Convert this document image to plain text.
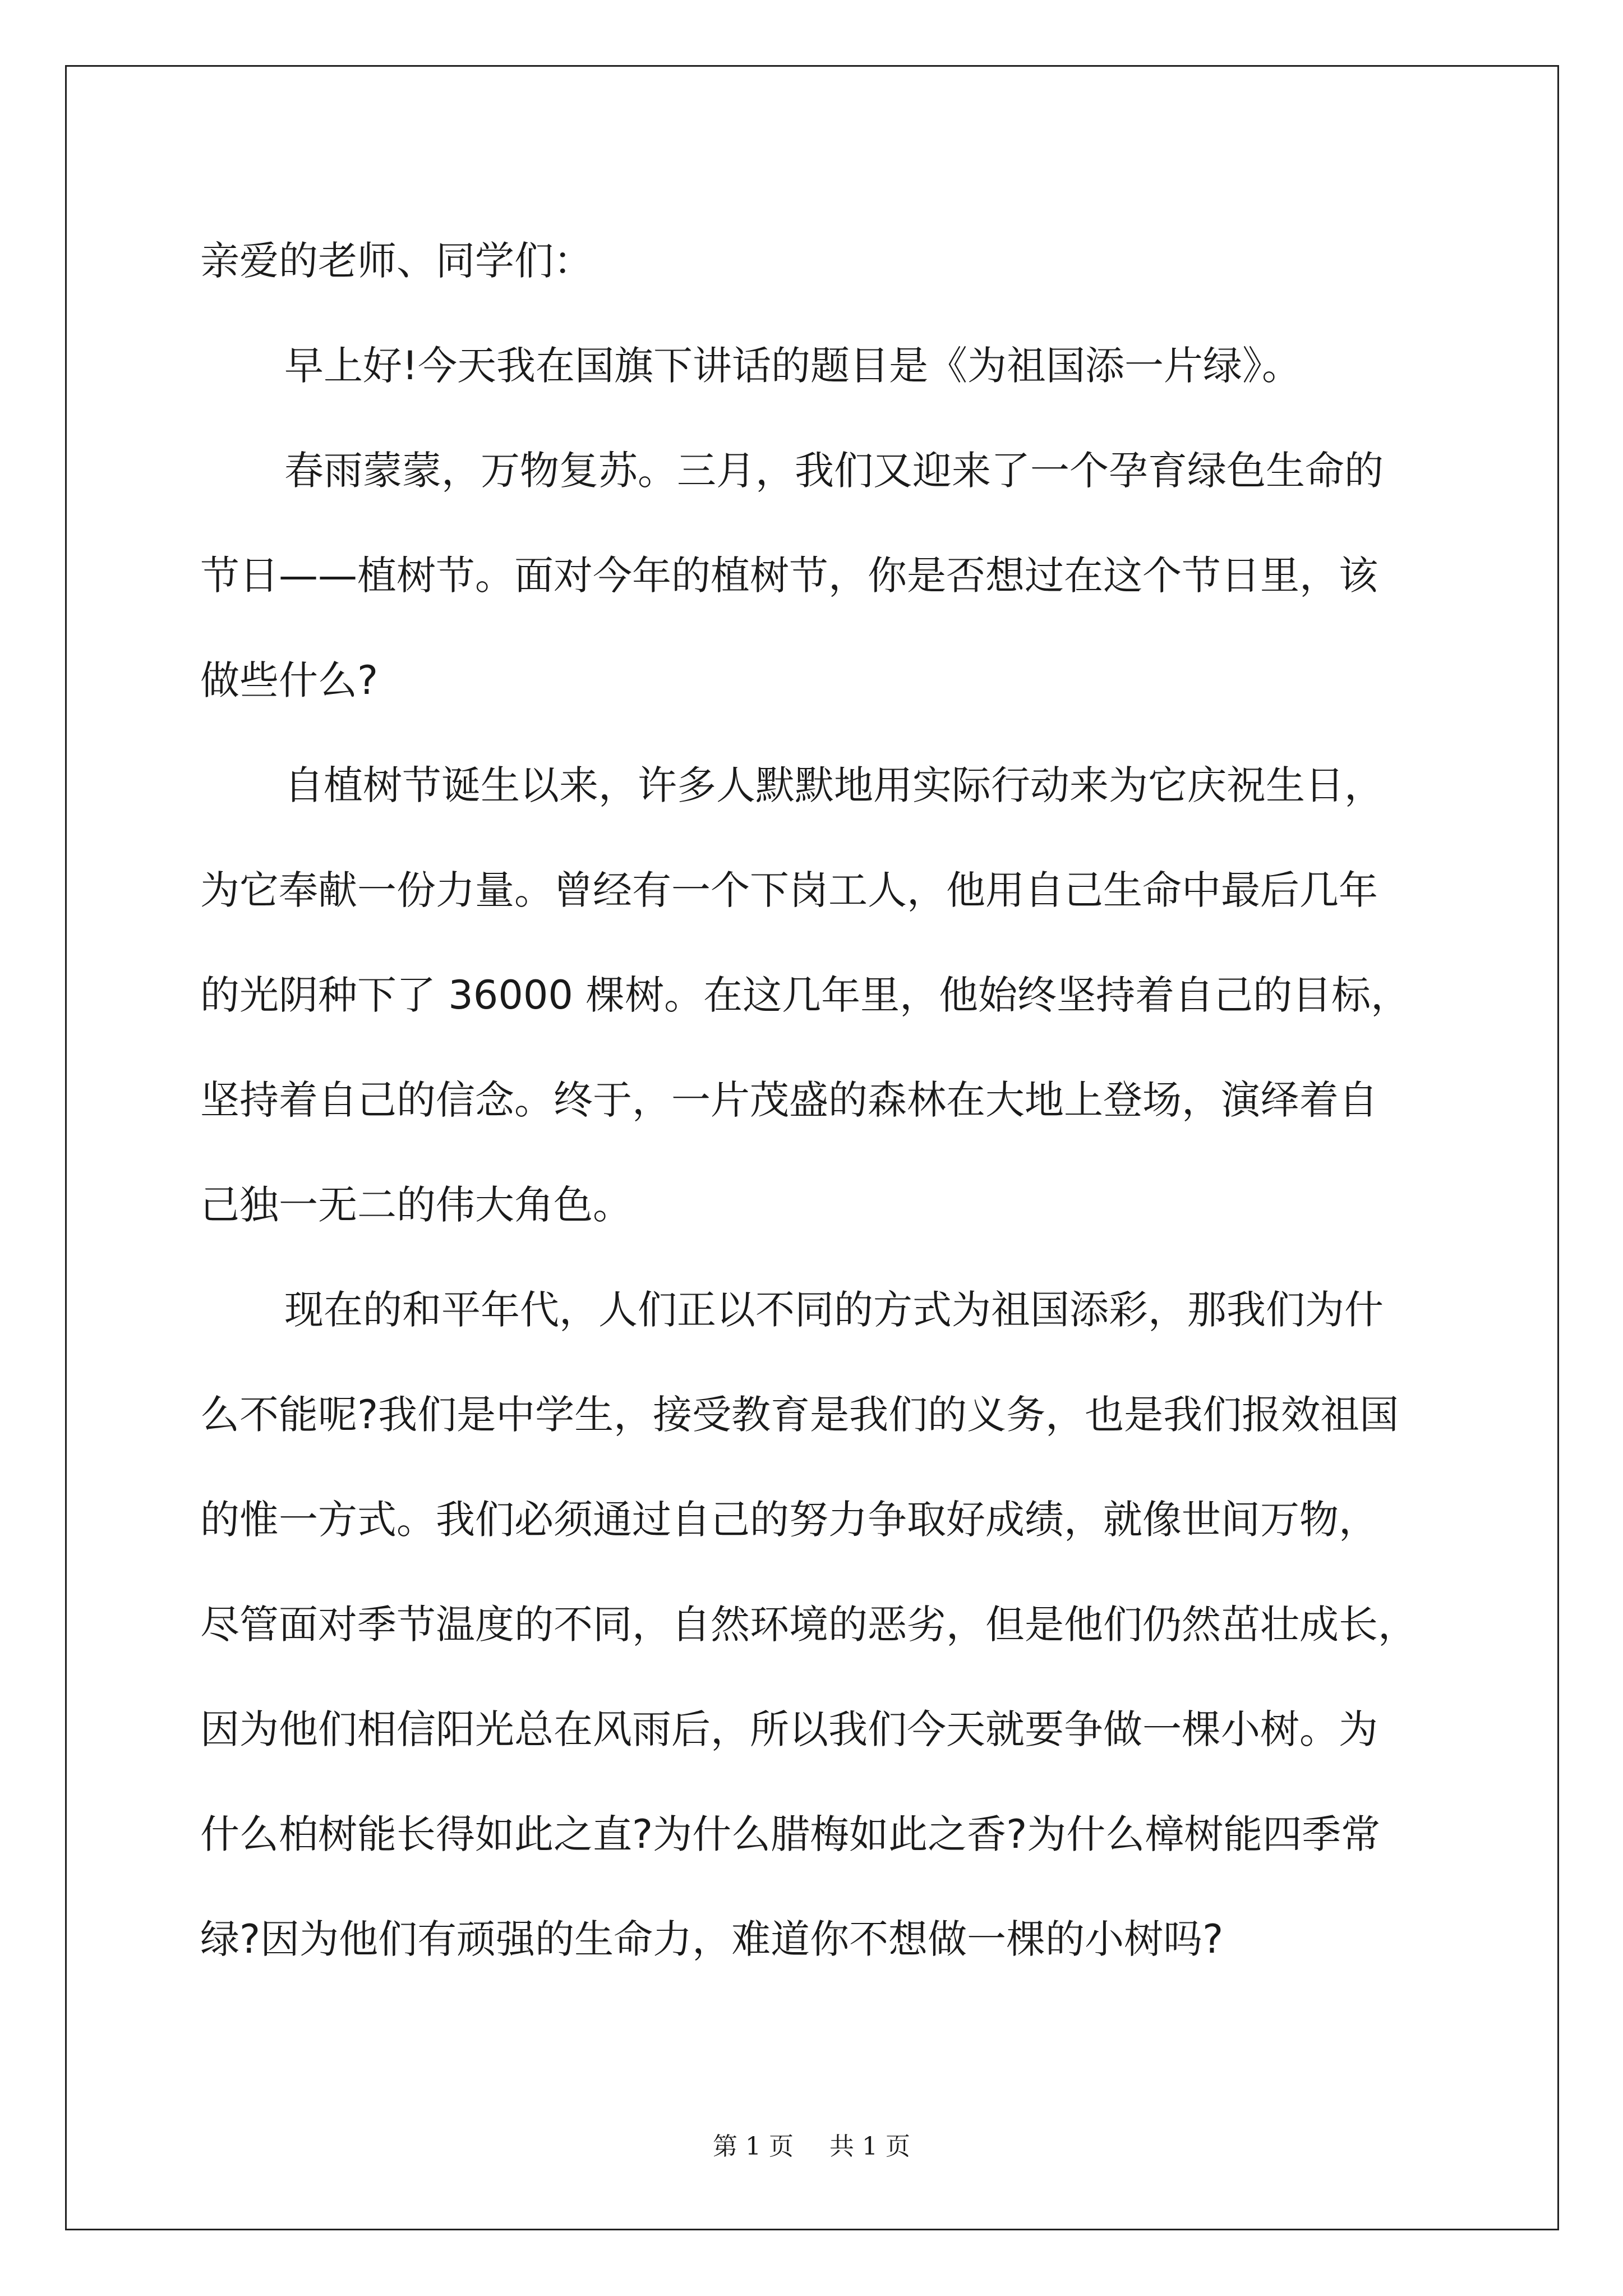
亲爱的老师、同学们：
早上好!今天我在国旗下讲话的题目是《为祖国添一片绿》。
春雨蒙蒙，万物复苏。三月，我们又迎来了一个孕育绿色生命的
节日——植树节。面对今年的植树节，你是否想过在这个节日里，该
做些什么?
自植树节诞生以来，许多人默默地用实际行动来为它庆祝生日，
为它奉献一份力量。曾经有一个下岗工人，他用自己生命中最后几年
的光阴种下了 36000 棵树。在这几年里，他始终坚持着自己的目标，
坚持着自己的信念。终于，一片茂盛的森林在大地上登场，演绎着自
己独一无二的伟大角色。
现在的和平年代，人们正以不同的方式为祖国添彩，那我们为什
么不能呢?我们是中学生，接受教育是我们的义务，也是我们报效祖国
的惟一方式。我们必须通过自己的努力争取好成绩，就像世间万物，
尽管面对季节温度的不同，自然环境的恶劣，但是他们仍然茁壮成长，
因为他们相信阳光总在风雨后，所以我们今天就要争做一棵小树。为
什么柏树能长得如此之直?为什么腊梅如此之香?为什么樟树能四季常
绿?因为他们有顽强的生命力，难道你不想做一棵的小树吗?
第 1 页 共 1 页
